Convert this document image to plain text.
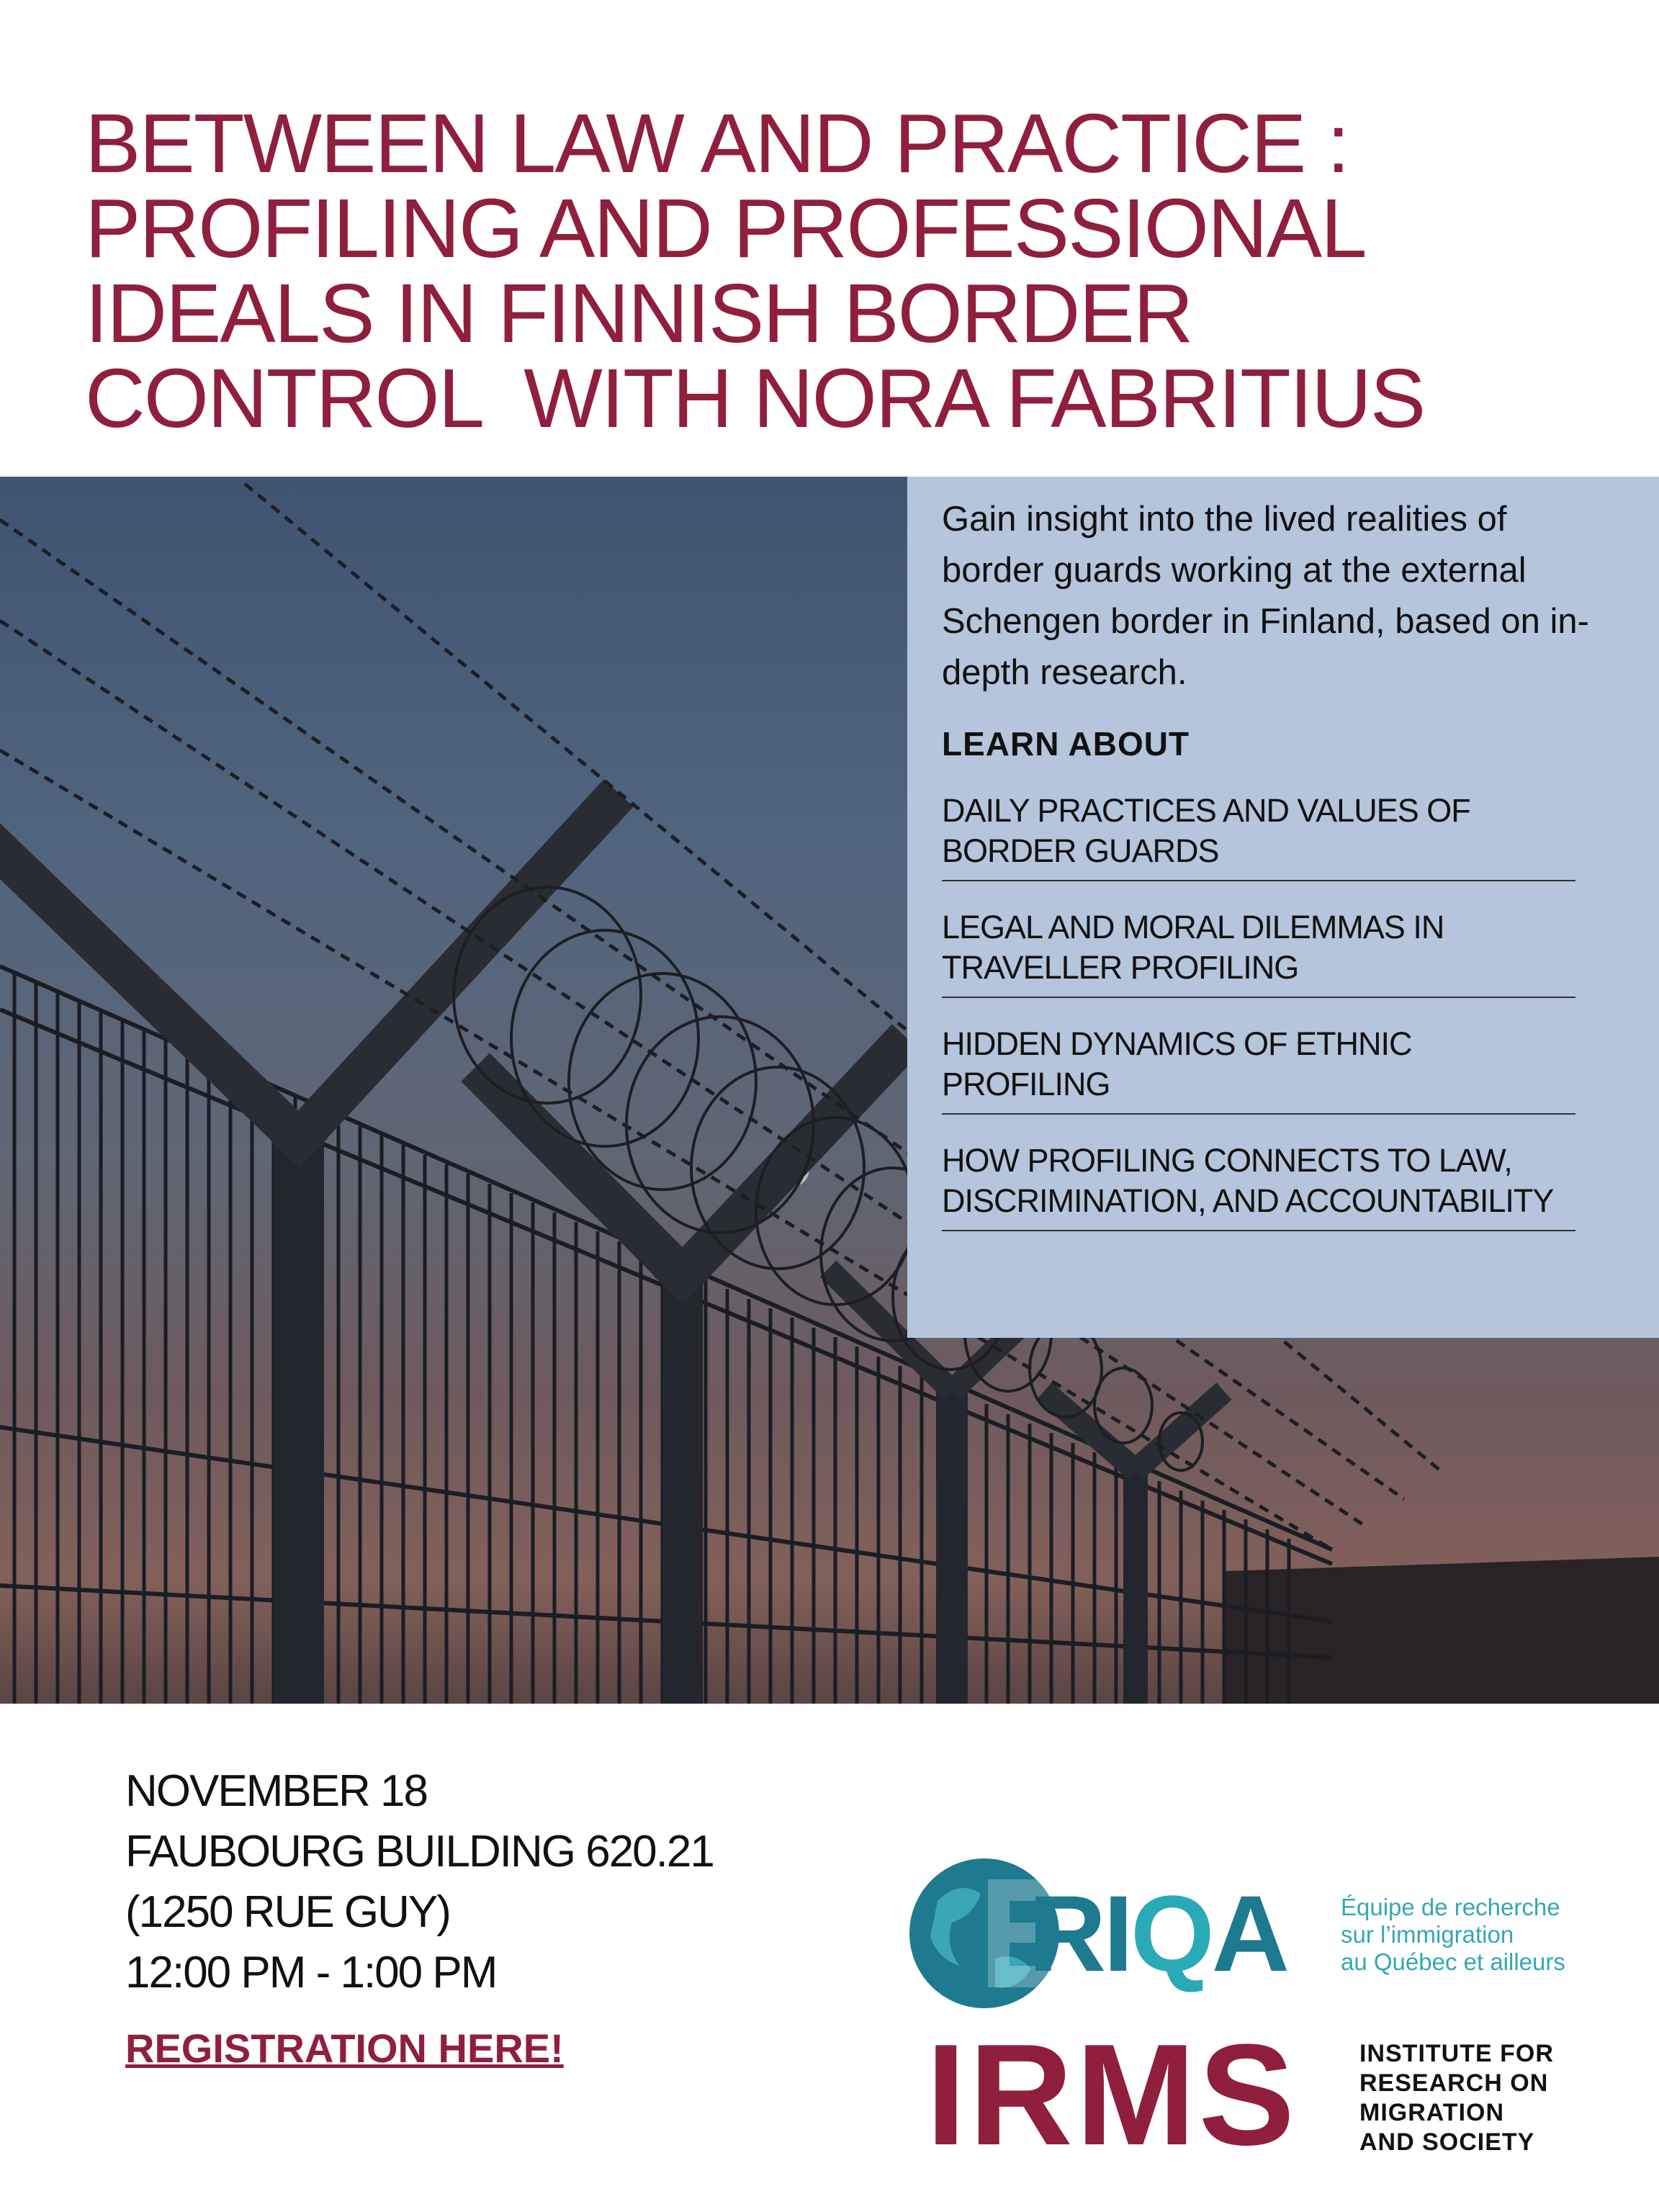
BETWEEN LAW AND PRACTICE :
PROFILING AND PROFESSIONAL
IDEALS IN FINNISH BORDER
CONTROL  WITH NORA FABRITIUS

Gain insight into the lived realities of border guards working at the external Schengen border in Finland, based on in-depth research.

LEARN ABOUT
DAILY PRACTICES AND VALUES OF BORDER GUARDS
LEGAL AND MORAL DILEMMAS IN TRAVELLER PROFILING
HIDDEN DYNAMICS OF ETHNIC PROFILING
HOW PROFILING CONNECTS TO LAW, DISCRIMINATION, AND ACCOUNTABILITY
NOVEMBER 18
FAUBOURG BUILDING 620.21
(1250 RUE GUY)
12:00 PM - 1:00 PM
REGISTRATION HERE!
RIQA Équipe de recherche
sur l’immigration
au Québec et ailleurs
IRMS	INSTITUTE FOR
RESEARCH ON
MIGRATION
AND SOCIETY
